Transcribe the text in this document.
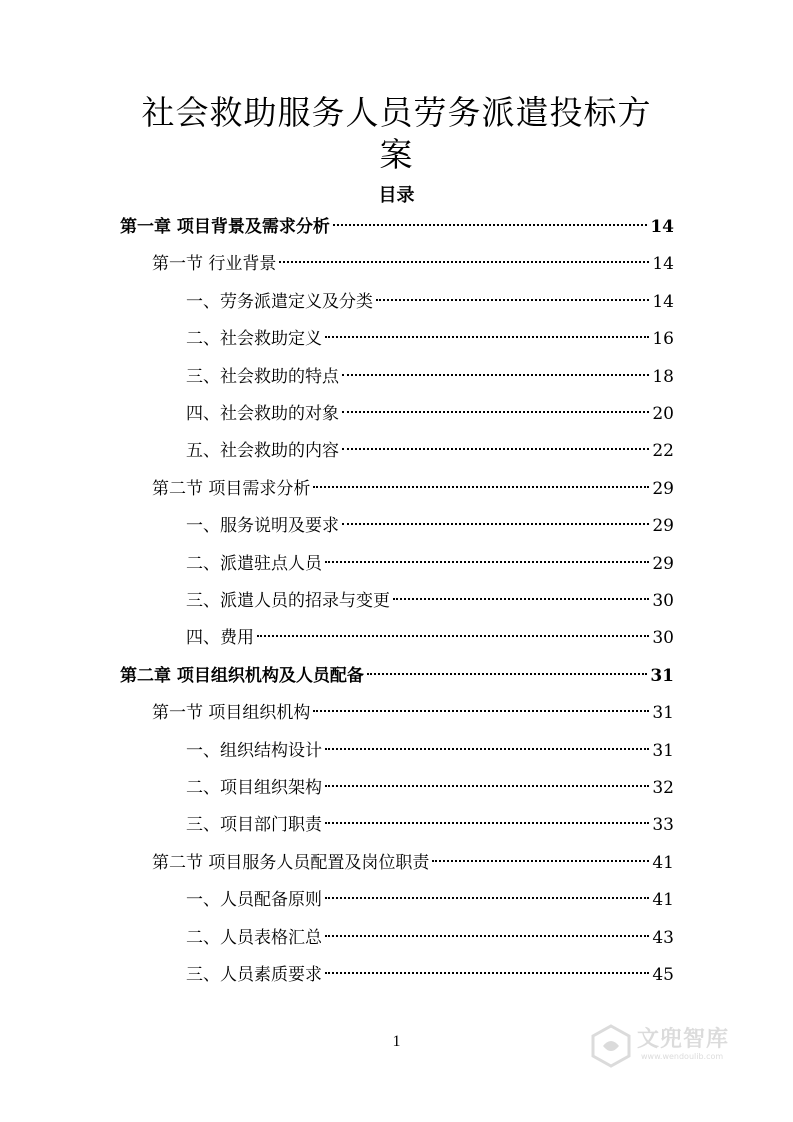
社会救助服务人员劳务派遣投标方
案
目录
第一章 项目背景及需求分析	14
第一节 行业背景	14
一、劳务派遣定义及分类	14
二、社会救助定义	16
三、社会救助的特点	18
四、社会救助的对象	20
五、社会救助的内容	22
第二节 项目需求分析	29
一、服务说明及要求	29
二、派遣驻点人员	29
三、派遣人员的招录与变更	30
四、费用	30
第二章 项目组织机构及人员配备	31
第一节 项目组织机构	31
一、组织结构设计	31
二、项目组织架构	32
三、项目部门职责	33
第二节 项目服务人员配置及岗位职责	41
一、人员配备原则	41
二、人员表格汇总	43
三、人员素质要求	45
1	文兜智库
www.wendoulib.com
